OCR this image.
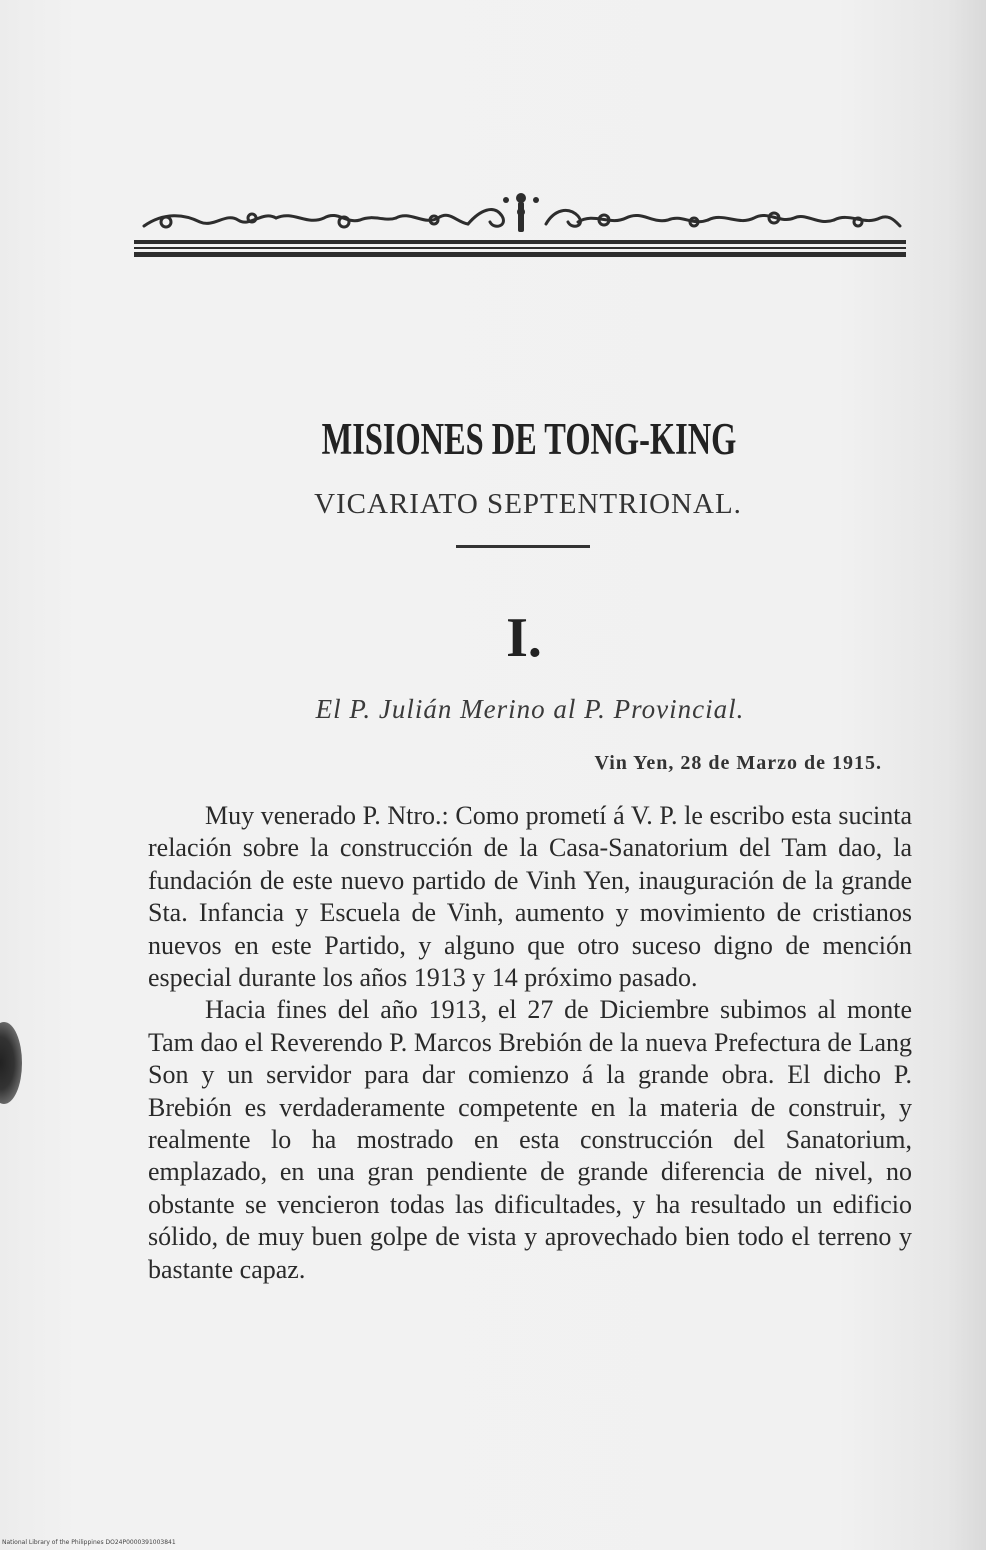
MISIONES DE TONG-KING
VICARIATO SEPTENTRIONAL.
I.
El P. Julián Merino al P. Provincial.
Vin Yen, 28 de Marzo de 1915.

Muy venerado P. Ntro.: Como prometí á V. P. le escribo esta sucinta relación sobre la construcción de la Casa-Sanatorium del Tam dao, la fundación de este nuevo partido de Vinh Yen, inauguración de la grande Sta. Infancia y Escuela de Vinh, aumento y movimiento de cristianos nuevos en este Partido, y alguno que otro suceso digno de mención especial durante los años 1913 y 14 próximo pasado.

Hacia fines del año 1913, el 27 de Diciembre subimos al monte Tam dao el Reverendo P. Marcos Brebión de la nueva Prefectura de Lang Son y un servidor para dar comienzo á la grande obra. El dicho P. Brebión es verdaderamente competente en la materia de construir, y realmente lo ha mostrado en esta construcción del Sanatorium, emplazado, en una gran pendiente de grande diferencia de nivel, no obstante se vencieron todas las dificultades, y ha resultado un edificio sólido, de muy buen golpe de vista y aprovechado bien todo el terreno y bastante capaz.

National Library of the Philippines DO24P0000391003841
